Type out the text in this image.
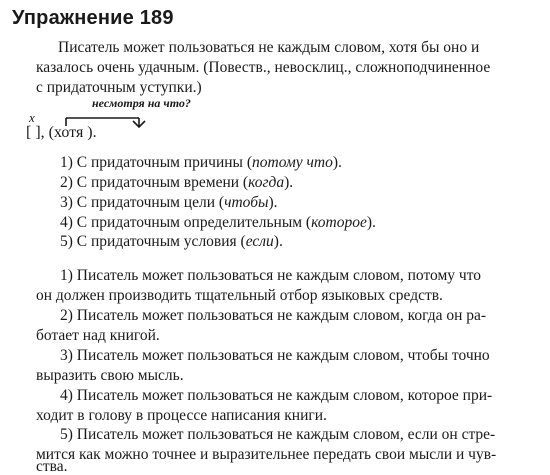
Упражнение 189
Писатель может пользоваться не каждым словом, хотя бы оно и
казалось очень удачным. (Повеств., невосклиц., сложноподчиненное
с придаточным уступки.)
несмотря на что?
x
[ ], (хотя ).
1) С придаточным причины (потому что).
2) С придаточным времени (когда).
3) С придаточным цели (чтобы).
4) С придаточным определительным (которое).
5) С придаточным условия (если).
1) Писатель может пользоваться не каждым словом, потому что
он должен производить тщательный отбор языковых средств.
2) Писатель может пользоваться не каждым словом, когда он ра-
ботает над книгой.
3) Писатель может пользоваться не каждым словом, чтобы точно
выразить свою мысль.
4) Писатель может пользоваться не каждым словом, которое при-
ходит в голову в процессе написания книги.
5) Писатель может пользоваться не каждым словом, если он стре-
мится как можно точнее и выразительнее передать свои мысли и чув-
ства.
